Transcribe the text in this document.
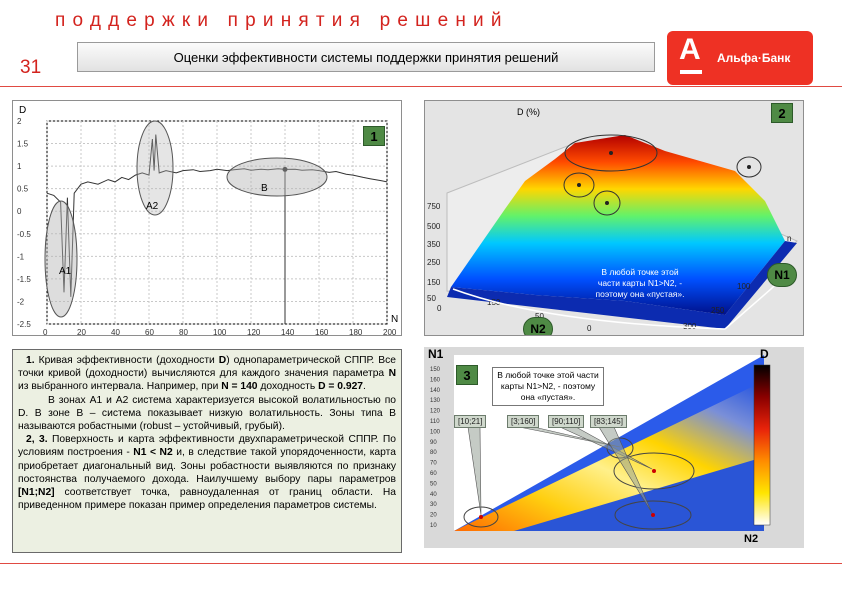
поддержки принятия решений
31	Оценки эффективности системы поддержки принятия решений	А Альфа·Банк
0	20	40	60	80	100	120	140	160	180	200
2
1.5
1
0.5
0
-0.5
-1
-1.5
-2
-2.5
D
N
B
A2
A1
1
D (%)
750
500
350
250
150
50
0
150
0
n
100
250
300
2
В любой точке этой части карты N1>N2, - поэтому она «пустая».
N1
N2
150
160
140
130
120
110
100
90
80
70
60
50
40
30
20
10
3
N1	D
N2
В любой точке этой части карты N1>N2, - поэтому она «пустая».
[10;21]	[3;160]	[90;110]	[83;145]

1. Кривая эффективности (доходности D) однопараметрической СППР. Все точки кривой (доходности) вычисляются для каждого значения параметра N из выбранного интервала. Например, при N = 140 доходность D = 0.927.

В зонах А1 и А2 система характеризуется высокой волатильностью по D. В зоне B – система показывает низкую волатильность. Зоны типа В называются робастными (robust – устойчивый, грубый).

2, 3. Поверхность и карта эффективности двухпараметрической СППР. По условиям построения - N1 < N2 и, в следствие такой упорядоченности, карта приобретает диагональный вид. Зоны робастности выявляются по признаку постоянства получаемого дохода. Наилучшему выбору пары параметров [N1;N2] соответствует точка, равноудаленная от границ области. На приведенном примере показан пример определения параметров системы.
